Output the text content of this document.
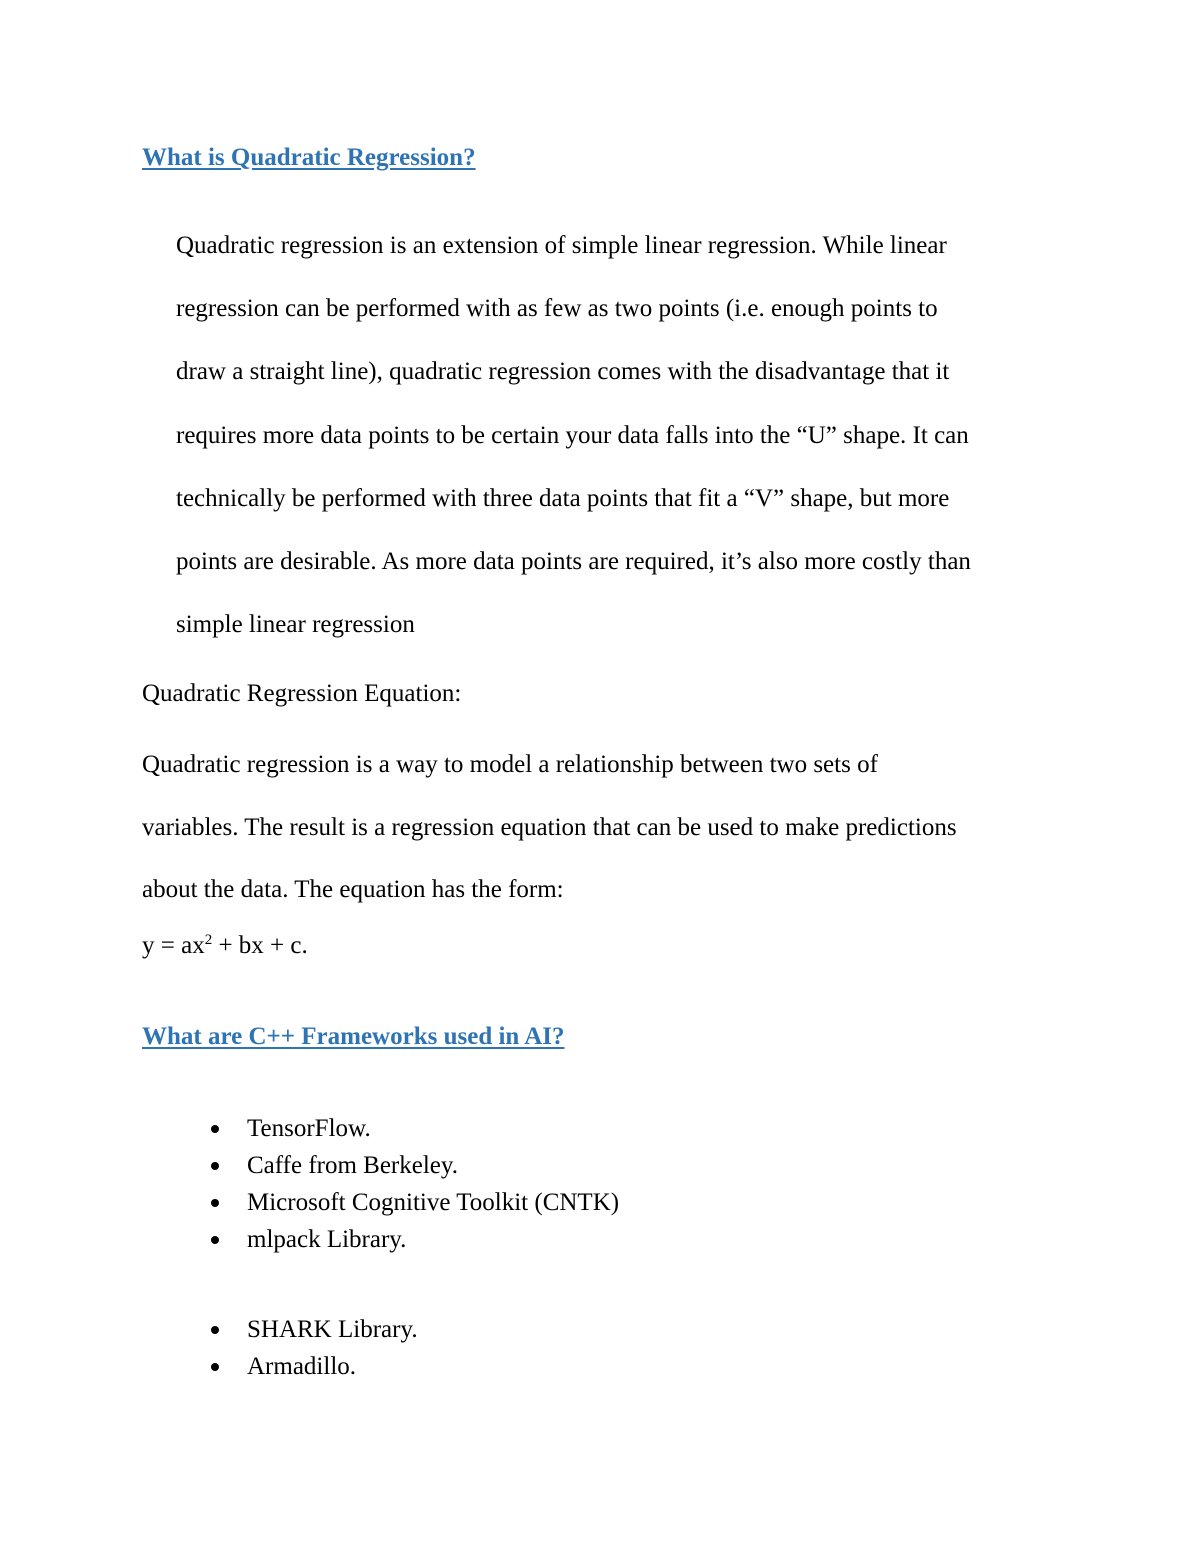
What is Quadratic Regression?

Quadratic regression is an extension of simple linear regression. While linear
regression can be performed with as few as two points (i.e. enough points to
draw a straight line), quadratic regression comes with the disadvantage that it
requires more data points to be certain your data falls into the “U” shape. It can
technically be performed with three data points that fit a “V” shape, but more
points are desirable. As more data points are required, it’s also more costly than
simple linear regression

Quadratic Regression Equation:

Quadratic regression is a way to model a relationship between two sets of
variables. The result is a regression equation that can be used to make predictions
about the data. The equation has the form:

$y = ax^2$ + bx + c.

What are C++ Frameworks used in AI?
TensorFlow.
Caffe from Berkeley.
Microsoft Cognitive Toolkit (CNTK)
mlpack Library.
SHARK Library.
Armadillo.
